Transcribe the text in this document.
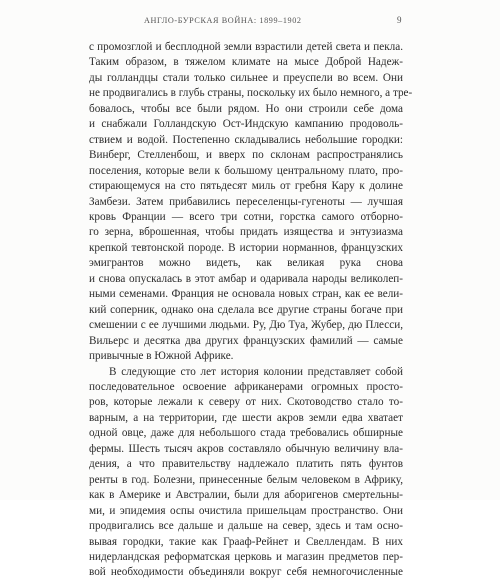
АНГЛО-БУРСКАЯ ВОЙНА: 1899–1902	9

с промозглой и бесплодной земли взрастили детей света и пекла.
Таким образом, в тяжелом климате на мысе Доброй Надеж-
ды голландцы стали только сильнее и преуспели во всем. Они
не продвигались в глубь страны, поскольку их было немного, а тре-
бовалось, чтобы все были рядом. Но они строили себе дома
и снабжали Голландскую Ост-Индскую кампанию продоволь-
ствием и водой. Постепенно складывались небольшие городки:
Винберг, Стелленбош, и вверх по склонам распространялись
поселения, которые вели к большому центральному плато, про-
стирающемуся на сто пятьдесят миль от гребня Кару к долине
Замбези. Затем прибавились переселенцы-гугеноты — лучшая
кровь Франции — всего три сотни, горстка самого отборно-
го зерна, вброшенная, чтобы придать изящества и энтузиазма
крепкой тевтонской породе. В истории норманнов, французских
эмигрантов можно видеть, как великая рука снова
и снова опускалась в этот амбар и одаривала народы великолеп-
ными семенами. Франция не основала новых стран, как ее вели-
кий соперник, однако она сделала все другие страны богаче при
смешении с ее лучшими людьми. Ру, Дю Туа, Жубер, дю Плесси,
Вильерс и десятка два других французских фамилий — самые
привычные в Южной Африке.

В следующие сто лет история колонии представляет собой
последовательное освоение африканерами огромных просто-
ров, которые лежали к северу от них. Скотоводство стало то-
варным, а на территории, где шести акров земли едва хватает
одной овце, даже для небольшого стада требовались обширные
фермы. Шесть тысяч акров составляло обычную величину вла-
дения, а что правительству надлежало платить пять фунтов
ренты в год. Болезни, принесенные белым человеком в Африку,
как в Америке и Австралии, были для аборигенов смертельны-
ми, и эпидемия оспы очистила пришельцам пространство. Они
продвигались все дальше и дальше на север, здесь и там осно-
вывая городки, такие как Грааф-Рейнет и Свеллендам. В них
нидерландская реформатская церковь и магазин предметов пер-
вой необходимости объединяли вокруг себя немногочисленные
